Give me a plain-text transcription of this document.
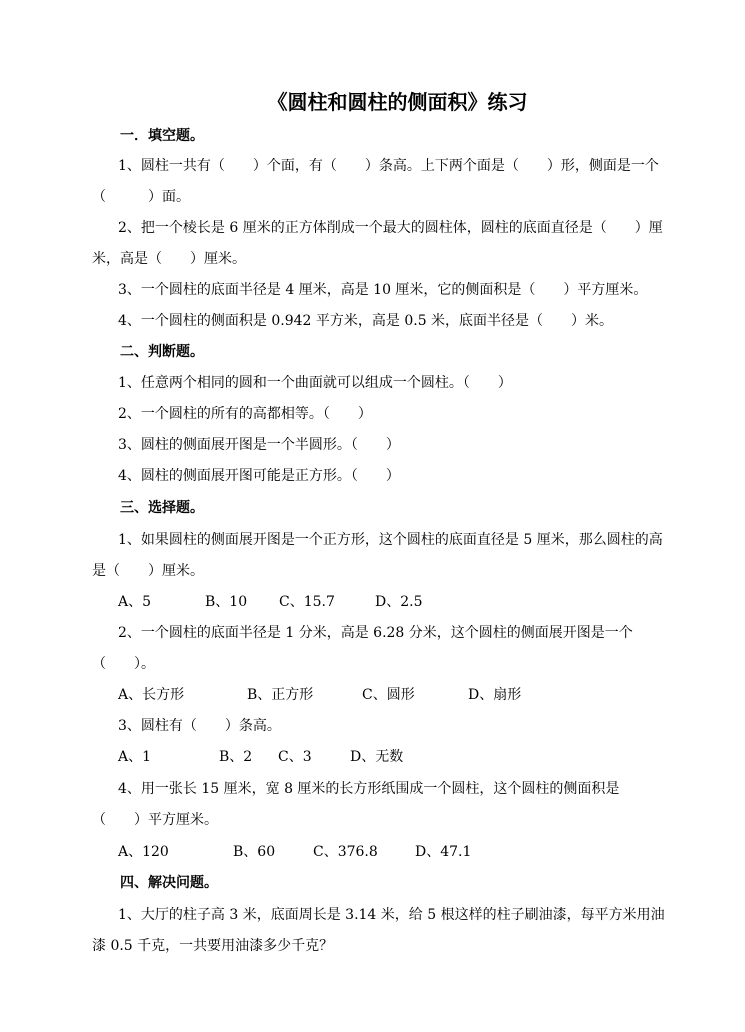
《圆柱和圆柱的侧面积》练习
一．填空题。
1、圆柱一共有（　　）个面，有（　　）条高。上下两个面是（　　）形，侧面是一个
（　　　）面。
2、把一个棱长是 6 厘米的正方体削成一个最大的圆柱体，圆柱的底面直径是（　　）厘
米，高是（　　）厘米。
3、一个圆柱的底面半径是 4 厘米，高是 10 厘米，它的侧面积是（　　）平方厘米。
4、一个圆柱的侧面积是 0.942 平方米，高是 0.5 米，底面半径是（　　）米。
二、判断题。
1、任意两个相同的圆和一个曲面就可以组成一个圆柱。（　　）
2、一个圆柱的所有的高都相等。（　　）
3、圆柱的侧面展开图是一个半圆形。（　　）
4、圆柱的侧面展开图可能是正方形。（　　）
三、选择题。
1、如果圆柱的侧面展开图是一个正方形，这个圆柱的底面直径是 5 厘米，那么圆柱的高
是（　　）厘米。
A、5	B、10 C、15.7	D、2.5
2、一个圆柱的底面半径是 1 分米，高是 6.28 分米，这个圆柱的侧面展开图是一个
（　　）。
A、长方形	B、正方形	C、圆形	D、扇形
3、圆柱有（　　）条高。
A、1	B、2 C、3	D、无数
4、用一张长 15 厘米，宽 8 厘米的长方形纸围成一个圆柱，这个圆柱的侧面积是
（　　）平方厘米。
A、120	B、60	C、376.8	D、47.1
四、解决问题。
1、大厅的柱子高 3 米，底面周长是 3.14 米，给 5 根这样的柱子刷油漆，每平方米用油
漆 0.5 千克，一共要用油漆多少千克？
